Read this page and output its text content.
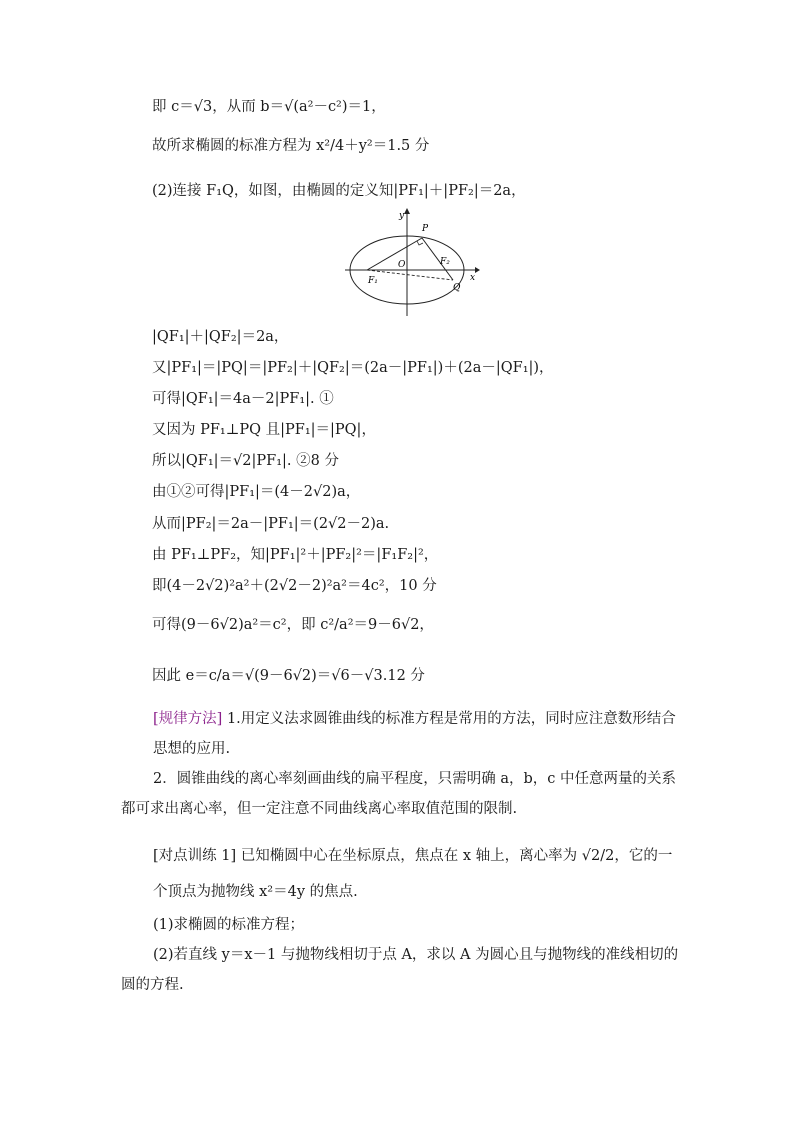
即 c＝√3，从而 b＝√(a²－c²)＝1，
故所求椭圆的标准方程为 x²/4＋y²＝1.5 分
(2)连接 F₁Q，如图，由椭圆的定义知|PF₁|＋|PF₂|＝2a，
y
x
P
O	F₂
F₁
Q
|QF₁|＋|QF₂|＝2a，
又|PF₁|＝|PQ|＝|PF₂|＋|QF₂|＝(2a－|PF₁|)＋(2a－|QF₁|)，
可得|QF₁|＝4a－2|PF₁|. ①
又因为 PF₁⊥PQ 且|PF₁|＝|PQ|，
所以|QF₁|＝√2|PF₁|. ②8 分
由①②可得|PF₁|＝(4－2√2)a，
从而|PF₂|＝2a－|PF₁|＝(2√2－2)a.
由 PF₁⊥PF₂，知|PF₁|²＋|PF₂|²＝|F₁F₂|²，
即(4－2√2)²a²＋(2√2－2)²a²＝4c²，10 分
可得(9－6√2)a²＝c²，即 c²/a²＝9－6√2，
因此 e＝c/a＝√(9－6√2)＝√6－√3.12 分
[规律方法] 1.用定义法求圆锥曲线的标准方程是常用的方法，同时应注意数形结合思想的应用.
2．圆锥曲线的离心率刻画曲线的扁平程度，只需明确 a，b，c 中任意两量的关系都可求出离心率，但一定注意不同曲线离心率取值范围的限制.
[对点训练 1] 已知椭圆中心在坐标原点，焦点在 x 轴上，离心率为 √2/2，它的一个顶点为抛物线 x²＝4y 的焦点.
(1)求椭圆的标准方程；
(2)若直线 y＝x－1 与抛物线相切于点 A，求以 A 为圆心且与抛物线的准线相切的圆的方程.
